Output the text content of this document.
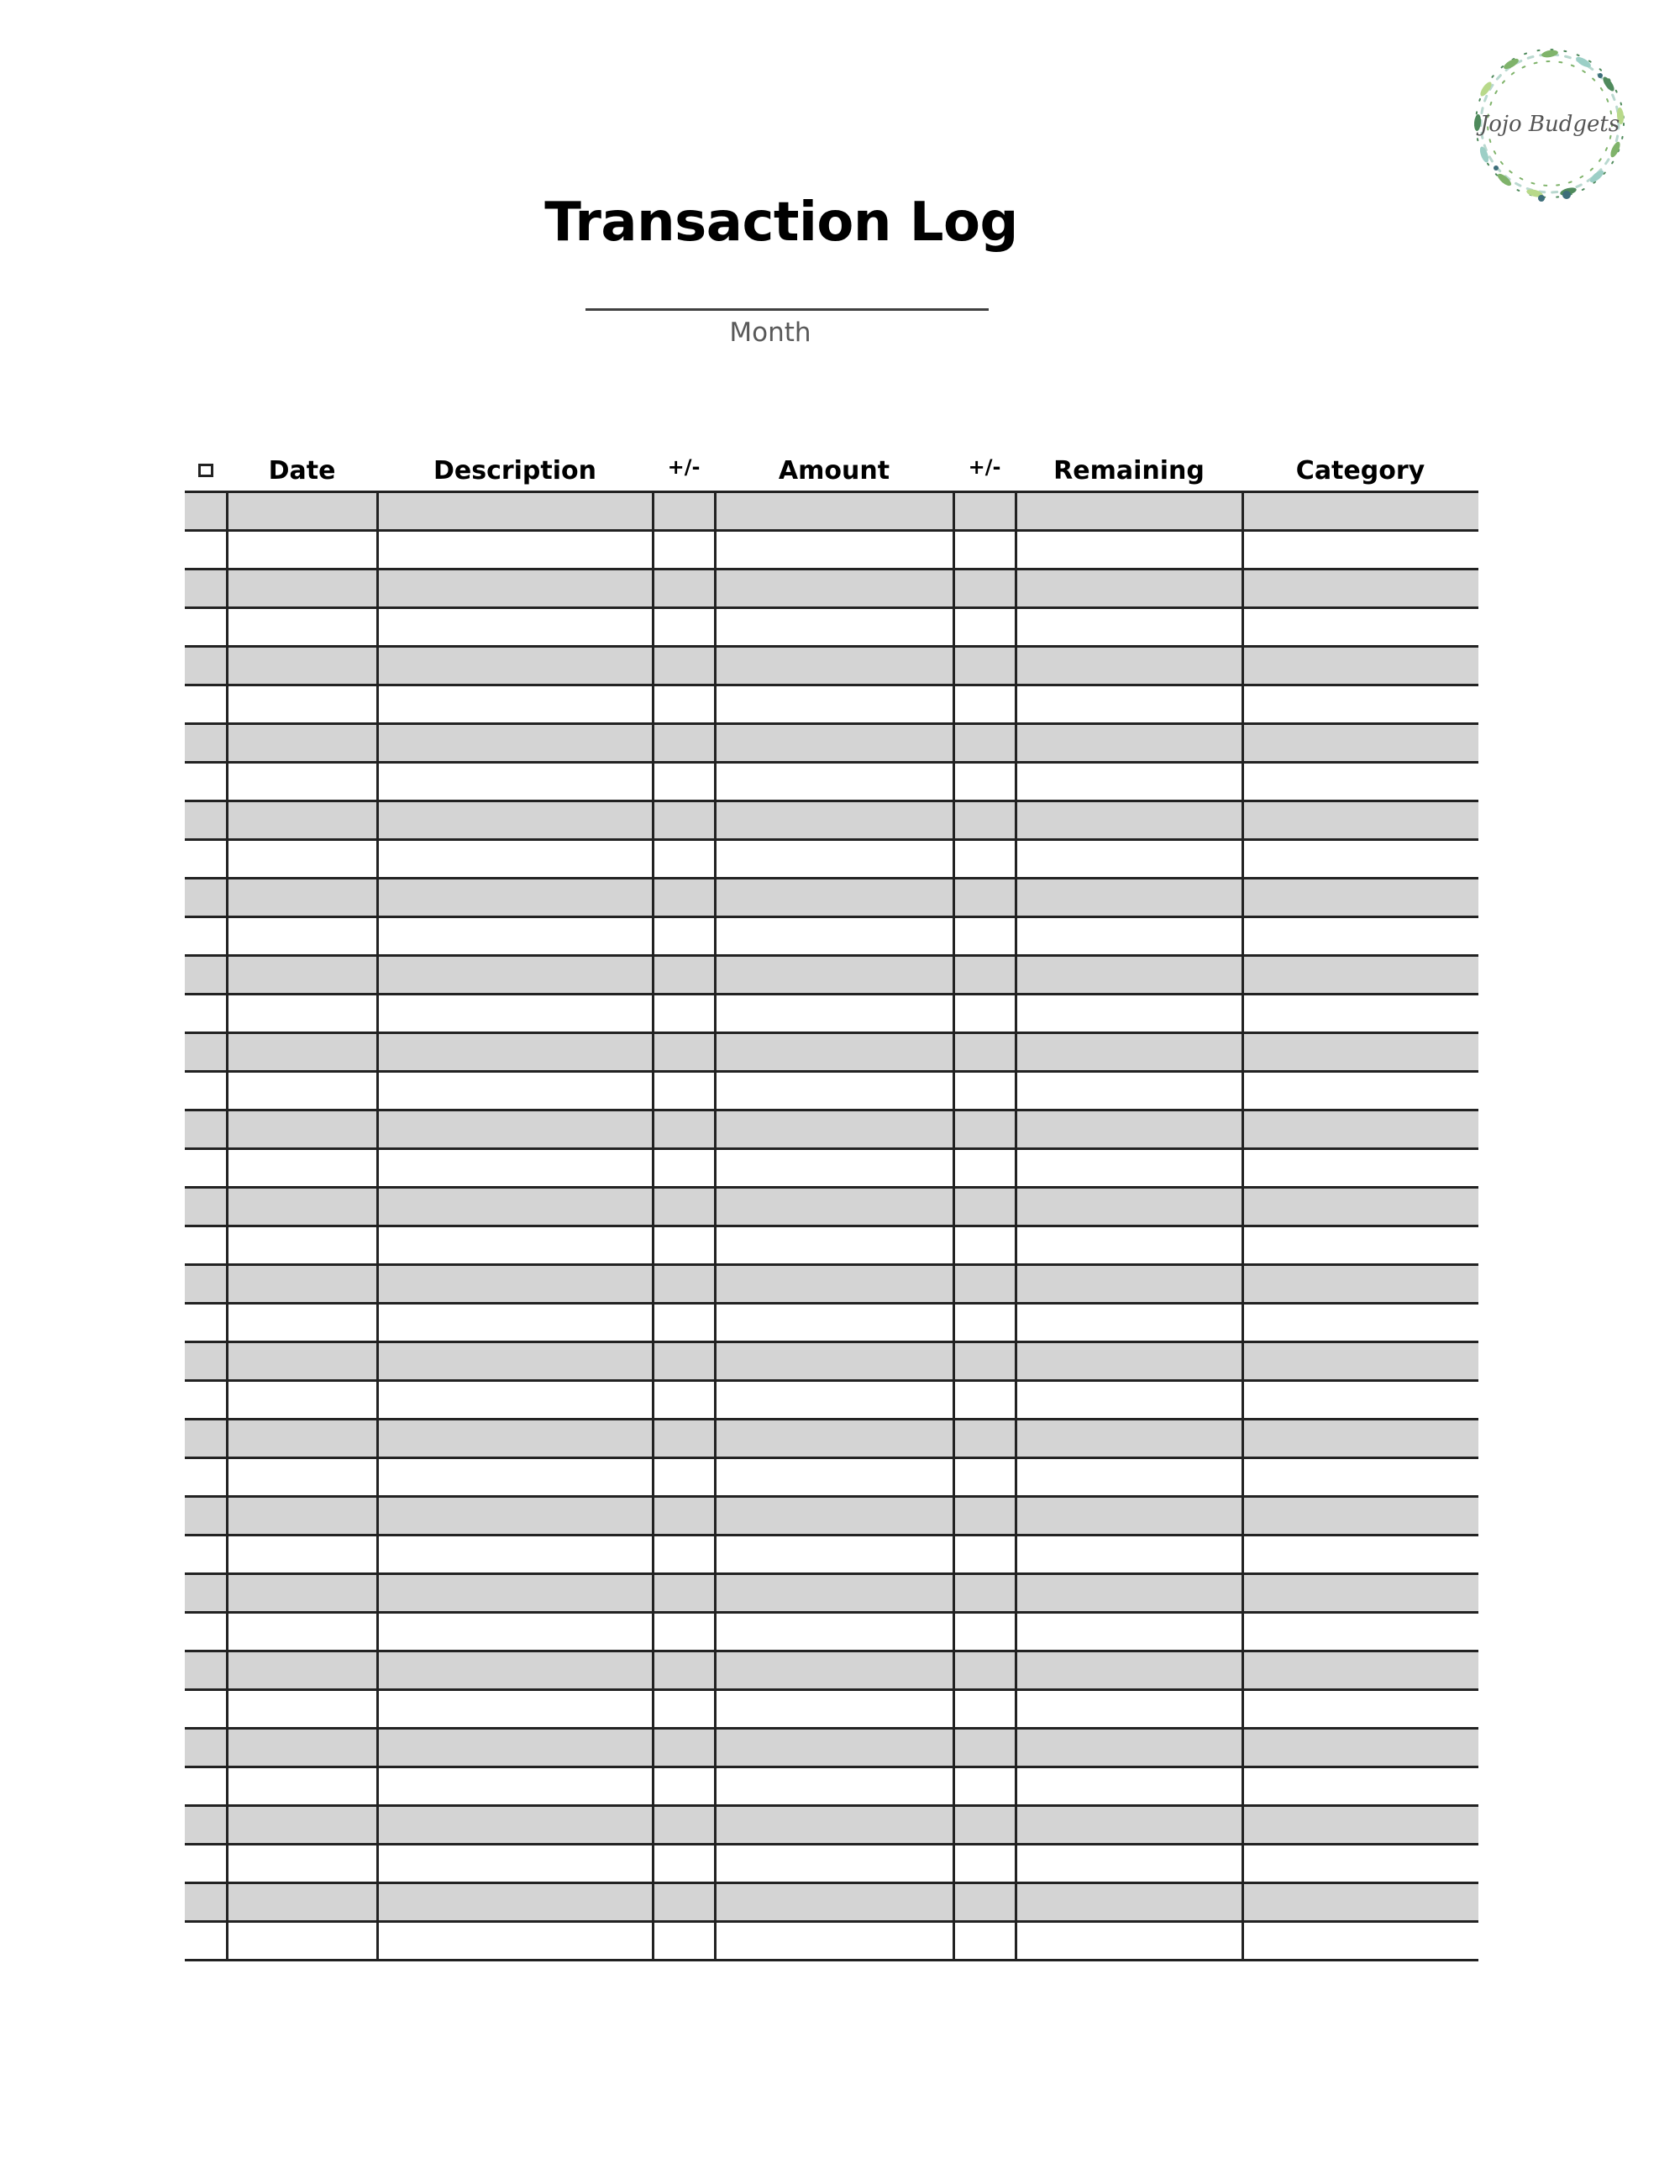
Jojo Budgets
Transaction Log
Month
	Date	Description	+/-	Amount	+/-	Remaining	Category
